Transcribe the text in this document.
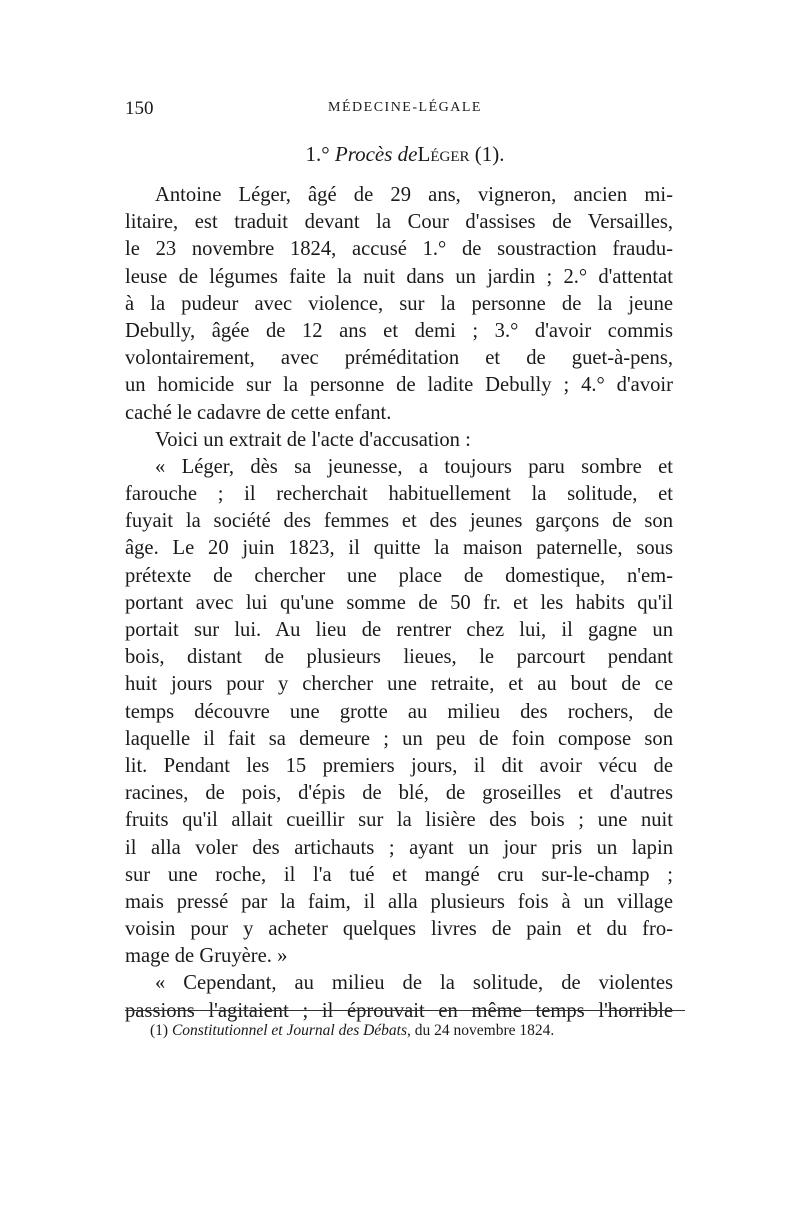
150	MÉDECINE-LÉGALE
1.° Procès deLéger (1).
Antoine Léger, âgé de 29 ans, vigneron, ancien mi-
litaire, est traduit devant la Cour d'assises de Versailles,
le 23 novembre 1824, accusé 1.° de soustraction fraudu-
leuse de légumes faite la nuit dans un jardin ; 2.° d'attentat
à la pudeur avec violence, sur la personne de la jeune
Debully, âgée de 12 ans et demi ; 3.° d'avoir commis
volontairement, avec préméditation et de guet-à-pens,
un homicide sur la personne de ladite Debully ; 4.° d'avoir
caché le cadavre de cette enfant.
Voici un extrait de l'acte d'accusation :
« Léger, dès sa jeunesse, a toujours paru sombre et
farouche ; il recherchait habituellement la solitude, et
fuyait la société des femmes et des jeunes garçons de son
âge. Le 20 juin 1823, il quitte la maison paternelle, sous
prétexte de chercher une place de domestique, n'em-
portant avec lui qu'une somme de 50 fr. et les habits qu'il
portait sur lui. Au lieu de rentrer chez lui, il gagne un
bois, distant de plusieurs lieues, le parcourt pendant
huit jours pour y chercher une retraite, et au bout de ce
temps découvre une grotte au milieu des rochers, de
laquelle il fait sa demeure ; un peu de foin compose son
lit. Pendant les 15 premiers jours, il dit avoir vécu de
racines, de pois, d'épis de blé, de groseilles et d'autres
fruits qu'il allait cueillir sur la lisière des bois ; une nuit
il alla voler des artichauts ; ayant un jour pris un lapin
sur une roche, il l'a tué et mangé cru sur-le-champ ;
mais pressé par la faim, il alla plusieurs fois à un village
voisin pour y acheter quelques livres de pain et du fro-
mage de Gruyère. »
« Cependant, au milieu de la solitude, de violentes
passions l'agitaient ; il éprouvait en même temps l'horrible
(1) Constitutionnel et Journal des Débats, du 24 novembre 1824.
